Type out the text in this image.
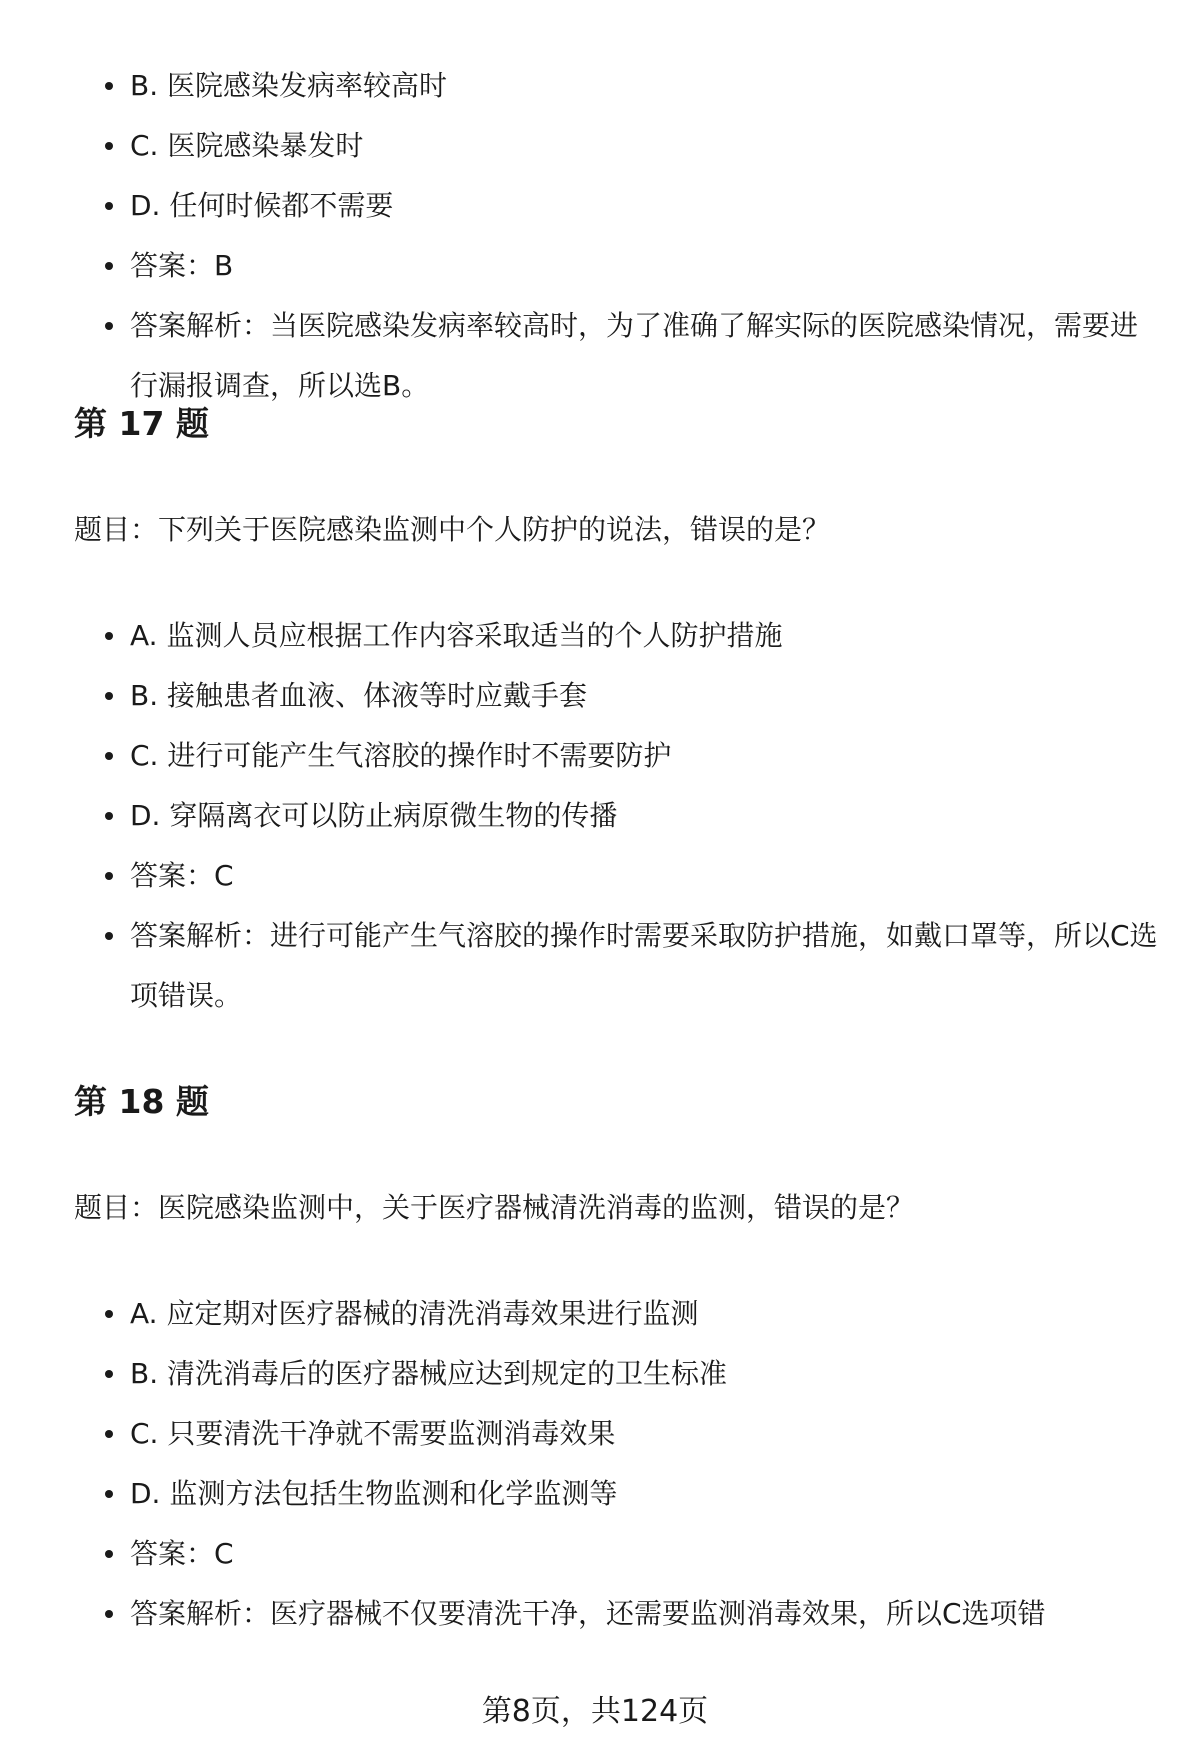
B. 医院感染发病率较高时
C. 医院感染暴发时
D. 任何时候都不需要
答案：B
答案解析：当医院感染发病率较高时，为了准确了解实际的医院感染情况，需要进行漏报调查，所以选B。
第 17 题

题目：下列关于医院感染监测中个人防护的说法，错误的是？

A. 监测人员应根据工作内容采取适当的个人防护措施
B. 接触患者血液、体液等时应戴手套
C. 进行可能产生气溶胶的操作时不需要防护
D. 穿隔离衣可以防止病原微生物的传播
答案：C
答案解析：进行可能产生气溶胶的操作时需要采取防护措施，如戴口罩等，所以C选项错误。
第 18 题

题目：医院感染监测中，关于医疗器械清洗消毒的监测，错误的是？

A. 应定期对医疗器械的清洗消毒效果进行监测
B. 清洗消毒后的医疗器械应达到规定的卫生标准
C. 只要清洗干净就不需要监测消毒效果
D. 监测方法包括生物监测和化学监测等
答案：C
答案解析：医疗器械不仅要清洗干净，还需要监测消毒效果，所以C选项错
第8页，共124页
